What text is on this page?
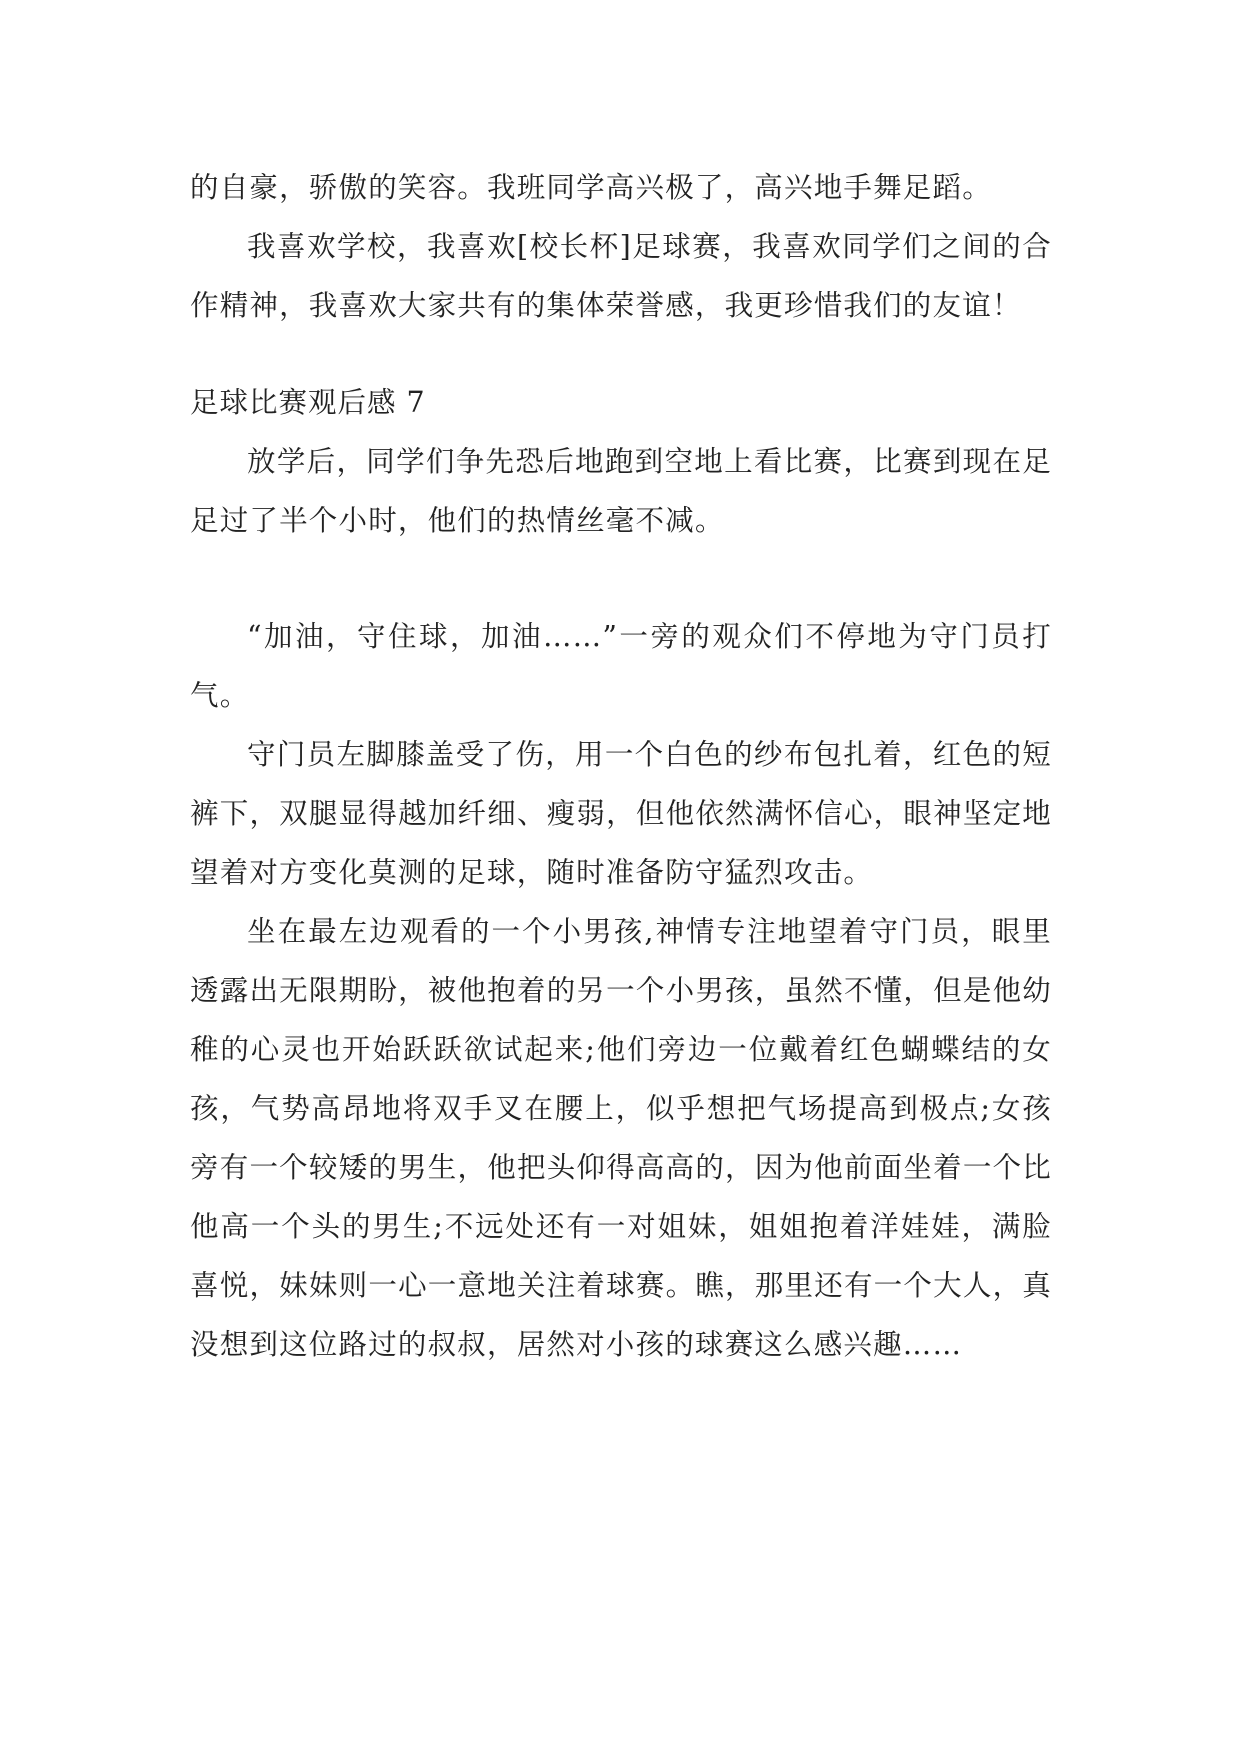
的自豪，骄傲的笑容。我班同学高兴极了，高兴地手舞足蹈。

我喜欢学校，我喜欢[校长杯]足球赛，我喜欢同学们之间的合作精神，我喜欢大家共有的集体荣誉感，我更珍惜我们的友谊！

足球比赛观后感 7

放学后，同学们争先恐后地跑到空地上看比赛，比赛到现在足足过了半个小时，他们的热情丝毫不减。

“加油，守住球，加油……”一旁的观众们不停地为守门员打气。

守门员左脚膝盖受了伤，用一个白色的纱布包扎着，红色的短裤下，双腿显得越加纤细、瘦弱，但他依然满怀信心，眼神坚定地望着对方变化莫测的足球，随时准备防守猛烈攻击。

坐在最左边观看的一个小男孩,神情专注地望着守门员，眼里透露出无限期盼，被他抱着的另一个小男孩，虽然不懂，但是他幼稚的心灵也开始跃跃欲试起来;他们旁边一位戴着红色蝴蝶结的女孩，气势高昂地将双手叉在腰上，似乎想把气场提高到极点;女孩旁有一个较矮的男生，他把头仰得高高的，因为他前面坐着一个比他高一个头的男生;不远处还有一对姐妹，姐姐抱着洋娃娃，满脸喜悦，妹妹则一心一意地关注着球赛。瞧，那里还有一个大人，真没想到这位路过的叔叔，居然对小孩的球赛这么感兴趣……
